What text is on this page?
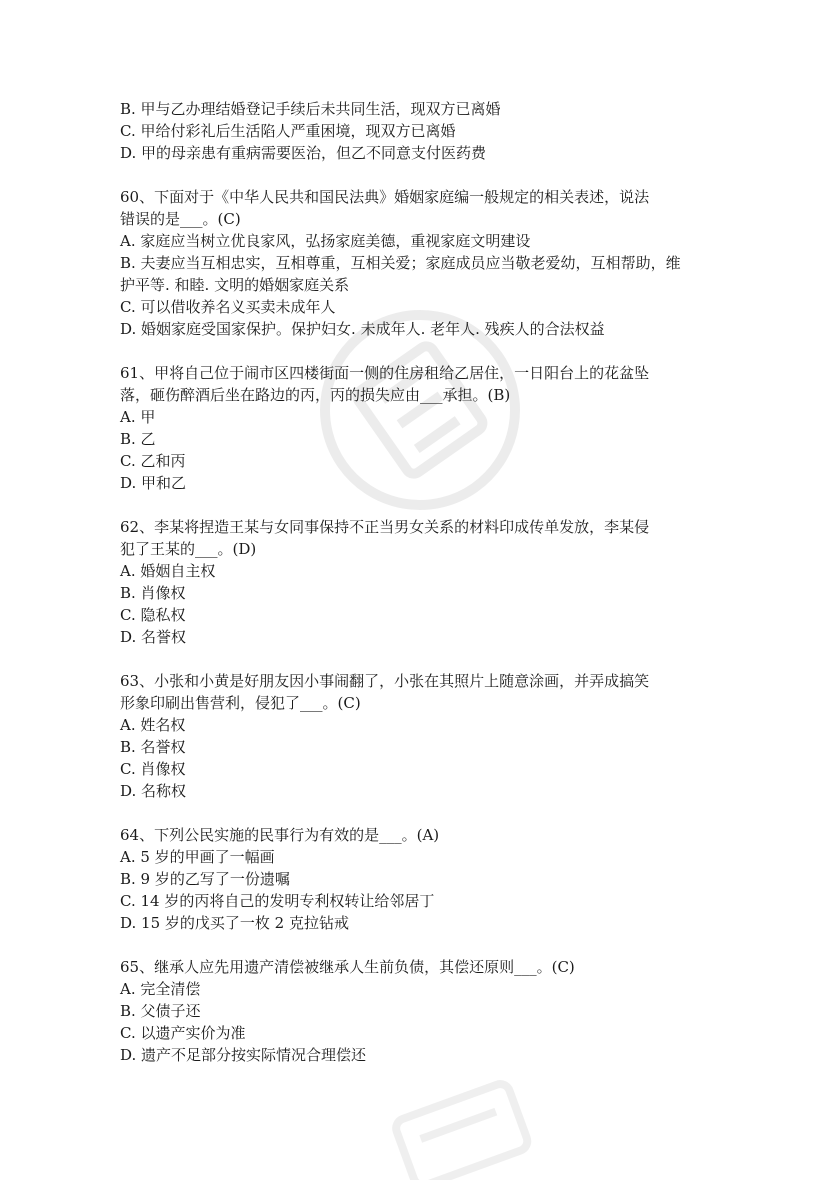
B. 甲与乙办理结婚登记手续后未共同生活，现双方已离婚
C. 甲给付彩礼后生活陷人严重困境，现双方已离婚
D. 甲的母亲患有重病需要医治，但乙不同意支付医药费
60、下面对于《中华人民共和国民法典》婚姻家庭编一般规定的相关表述，说法
错误的是___。(C)
A. 家庭应当树立优良家风，弘扬家庭美德，重视家庭文明建设
B. 夫妻应当互相忠实，互相尊重，互相关爱；家庭成员应当敬老爱幼，互相帮助，维
护平等. 和睦. 文明的婚姻家庭关系
C. 可以借收养名义买卖未成年人
D. 婚姻家庭受国家保护。保护妇女. 未成年人. 老年人. 残疾人的合法权益
61、甲将自己位于闹市区四楼街面一侧的住房租给乙居住，一日阳台上的花盆坠
落，砸伤醉酒后坐在路边的丙，丙的损失应由___承担。(B)
A. 甲
B. 乙
C. 乙和丙
D. 甲和乙
62、李某将捏造王某与女同事保持不正当男女关系的材料印成传单发放，李某侵
犯了王某的___。(D)
A. 婚姻自主权
B. 肖像权
C. 隐私权
D. 名誉权
63、小张和小黄是好朋友因小事闹翻了，小张在其照片上随意涂画，并弄成搞笑
形象印刷出售营利，侵犯了___。(C)
A. 姓名权
B. 名誉权
C. 肖像权
D. 名称权
64、下列公民实施的民事行为有效的是___。(A)
A. 5 岁的甲画了一幅画
B. 9 岁的乙写了一份遗嘱
C. 14 岁的丙将自己的发明专利权转让给邻居丁
D. 15 岁的戊买了一枚 2 克拉钻戒
65、继承人应先用遗产清偿被继承人生前负债，其偿还原则___。(C)
A. 完全清偿
B. 父债子还
C. 以遗产实价为准
D. 遗产不足部分按实际情况合理偿还
